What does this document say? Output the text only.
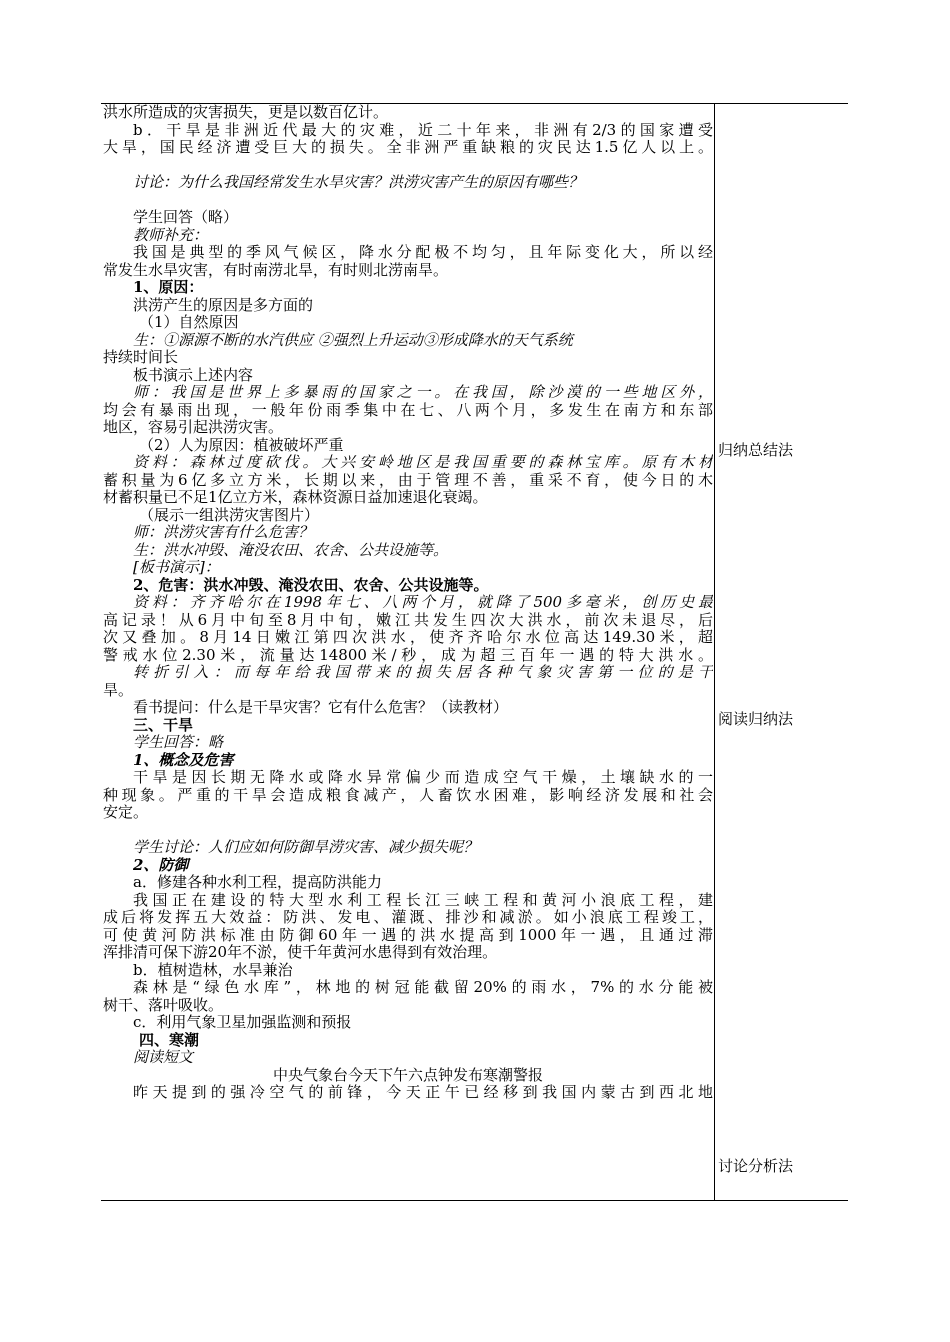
洪水所造成的灾害损失，更是以数百亿计。
b．干旱是非洲近代最大的灾难，近二十年来，非洲有2/3的国家遭受
大旱，国民经济遭受巨大的损失。全非洲严重缺粮的灾民达1.5亿人以上。
讨论：为什么我国经常发生水旱灾害？洪涝灾害产生的原因有哪些？
学生回答（略）
教师补充：
我国是典型的季风气候区，降水分配极不均匀，且年际变化大，所以经
常发生水旱灾害，有时南涝北旱，有时则北涝南旱。
1、原因：
洪涝产生的原因是多方面的
（1）自然原因
生：①源源不断的水汽供应 ②强烈上升运动③形成降水的天气系统
持续时间长
板书演示上述内容
师：我国是世界上多暴雨的国家之一。在我国，除沙漠的一些地区外，
均会有暴雨出现，一般年份雨季集中在七、八两个月，多发生在南方和东部
地区，容易引起洪涝灾害。
（2）人为原因：植被破坏严重
资料：森林过度砍伐。大兴安岭地区是我国重要的森林宝库。原有木材
蓄积量为6亿多立方米，长期以来，由于管理不善，重采不育，使今日的木
材蓄积量已不足1亿立方米，森林资源日益加速退化衰竭。
（展示一组洪涝灾害图片）
师：洪涝灾害有什么危害？
生：洪水冲毁、淹没农田、农舍、公共设施等。
[板书演示]：
2、危害：洪水冲毁、淹没农田、农舍、公共设施等。
资料：齐齐哈尔在1998年七、八两个月，就降了500多毫米，创历史最
高记录！从6月中旬至8月中旬，嫩江共发生四次大洪水，前次未退尽，后
次又叠加。8月14日嫩江第四次洪水，使齐齐哈尔水位高达149.30米，超
警戒水位2.30米，流量达14800米/秒，成为超三百年一遇的特大洪水。
转折引入：而每年给我国带来的损失居各种气象灾害第一位的是干
旱。
看书提问：什么是干旱灾害？它有什么危害？（读教材）
三、干旱
学生回答：略
1、概念及危害
干旱是因长期无降水或降水异常偏少而造成空气干燥，土壤缺水的一
种现象。严重的干旱会造成粮食减产，人畜饮水困难，影响经济发展和社会
安定。
学生讨论：人们应如何防御旱涝灾害、减少损失呢？
2、防御
a．修建各种水利工程，提高防洪能力
我国正在建设的特大型水利工程长江三峡工程和黄河小浪底工程，建
成后将发挥五大效益：防洪、发电、灌溉、排沙和减淤。如小浪底工程竣工，
可使黄河防洪标准由防御60年一遇的洪水提高到1000年一遇，且通过滞
浑排清可保下游20年不淤，使千年黄河水患得到有效治理。
b．植树造林，水旱兼治
森林是“绿色水库”，林地的树冠能截留20%的雨水，7%的水分能被
树干、落叶吸收。
c．利用气象卫星加强监测和预报
四、寒潮
阅读短文
中央气象台今天下午六点钟发布寒潮警报
昨天提到的强冷空气的前锋，今天正午已经移到我国内蒙古到西北地
归纳总结法
阅读归纳法
讨论分析法
